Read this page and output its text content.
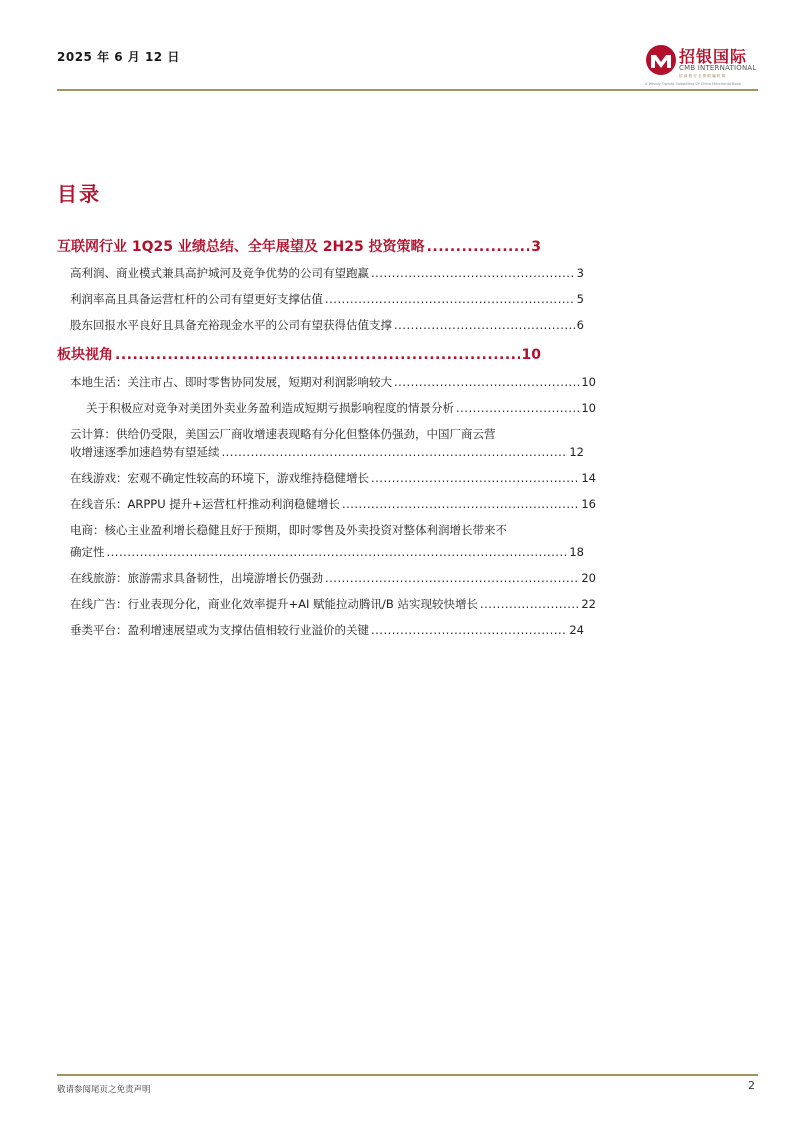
2025 年 6 月 12 日	招银国际
CMB INTERNATIONAL
招 商 银 行 全 资 附 属 机 构
A Wholly Owned Subsidiary Of China Merchants Bank
目录
互联网行业 1Q25 业绩总结、全年展望及 2H25 投资策略 .....	3
高利润、商业模式兼具高护城河及竞争优势的公司有望跑赢 .....	3
利润率高且具备运营杠杆的公司有望更好支撑估值 .....	5
股东回报水平良好且具备充裕现金水平的公司有望获得估值支撑 .....	6
板块视角 .....	10
本地生活：关注市占、即时零售协同发展，短期对利润影响较大 .....	10
关于积极应对竞争对美团外卖业务盈利造成短期亏损影响程度的情景分析 .....	10
云计算：供给仍受限，美国云厂商收增速表现略有分化但整体仍强劲，中国厂商云营
收增速逐季加速趋势有望延续 .....	12
在线游戏：宏观不确定性较高的环境下，游戏维持稳健增长 .....	14
在线音乐：ARPPU 提升+运营杠杆推动利润稳健增长 .....	16
电商：核心主业盈利增长稳健且好于预期，即时零售及外卖投资对整体利润增长带来不
确定性 .....	18
在线旅游：旅游需求具备韧性，出境游增长仍强劲 .....	20
在线广告：行业表现分化，商业化效率提升+AI 赋能拉动腾讯/B 站实现较快增长 .....	22
垂类平台：盈利增速展望或为支撑估值相较行业溢价的关键 .....	24
敬请参阅尾页之免责声明	2
